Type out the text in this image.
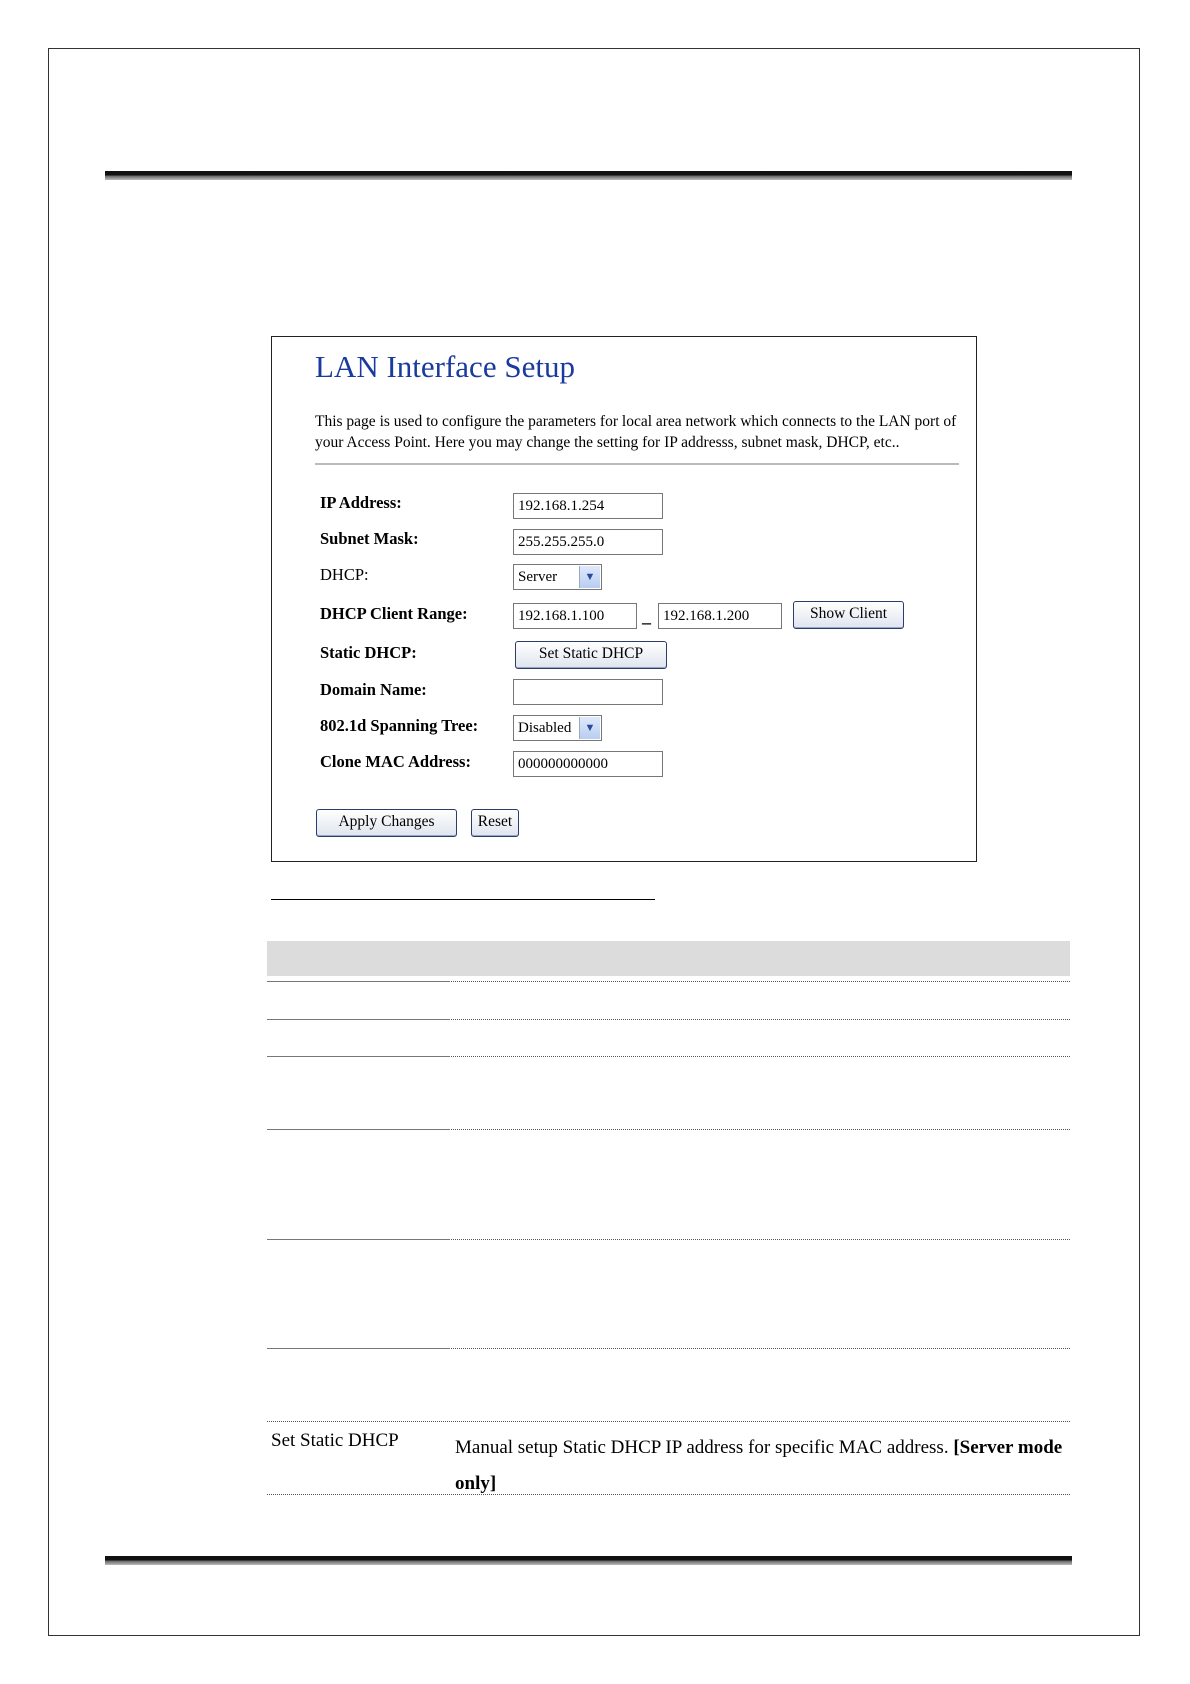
LAN Interface Setup
This page is used to configure the parameters for local area network which connects to the LAN port of your Access Point. Here you may change the setting for IP addresss, subnet mask, DHCP, etc..
IP Address:	192.168.1.254
Subnet Mask:	255.255.255.0
DHCP:	Server	▼
DHCP Client Range:	192.168.1.100	– 192.168.1.200	Show Client
Static DHCP:	Set Static DHCP
Domain Name:
802.1d Spanning Tree:	Disabled	▼
Clone MAC Address:	000000000000
Apply Changes	Reset
Set Static DHCP	Manual setup Static DHCP IP address for specific MAC address. [Server mode only]
